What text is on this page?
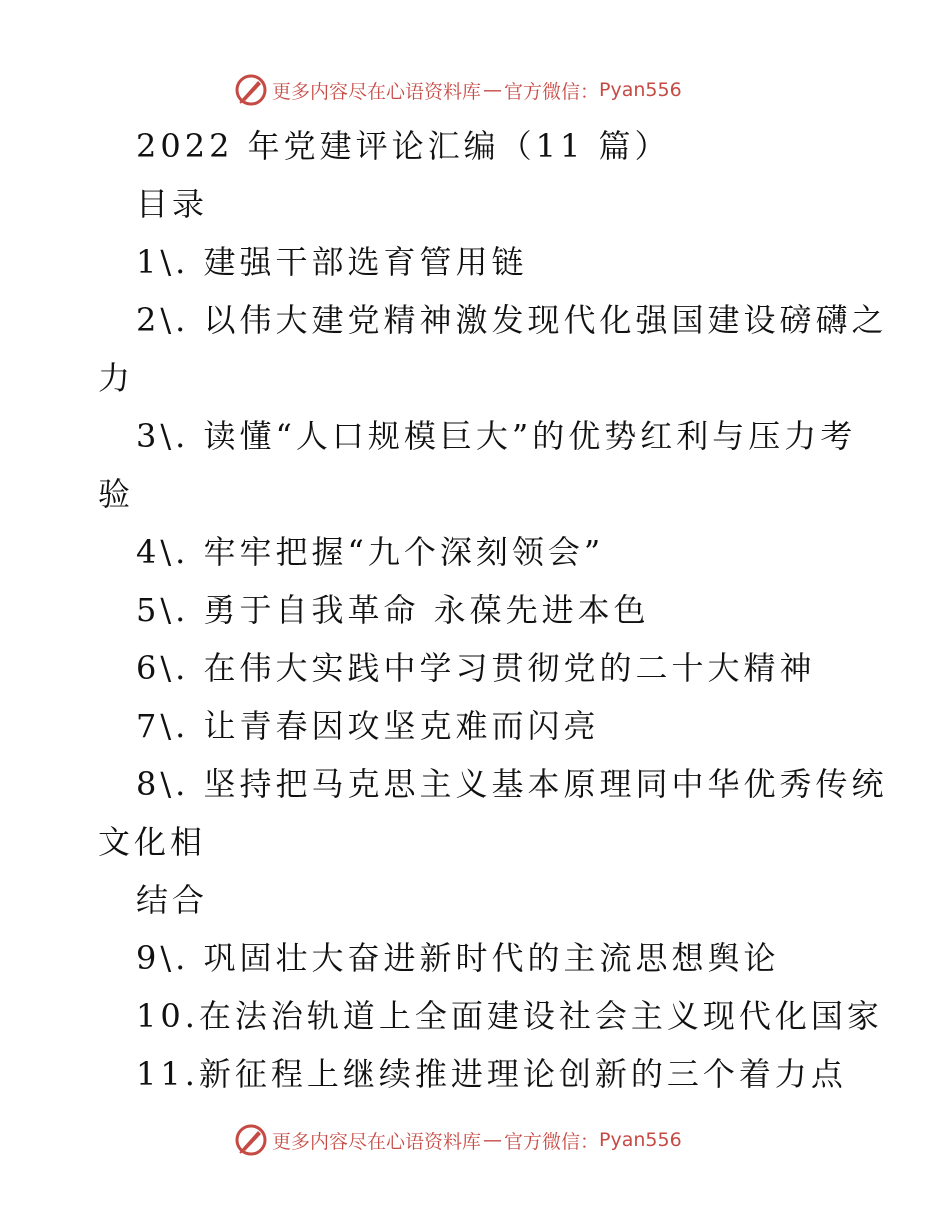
更多内容尽在心语资料库 — 官方微信： Pyan556
2022 年党建评论汇编（11 篇）
目录
1\. 建强干部选育管用链
2\. 以伟大建党精神激发现代化强国建设磅礴之
力
3\. 读懂“人口规模巨大”的优势红利与压力考
验
4\. 牢牢把握“九个深刻领会”
5\. 勇于自我革命 永葆先进本色
6\. 在伟大实践中学习贯彻党的二十大精神
7\. 让青春因攻坚克难而闪亮
8\. 坚持把马克思主义基本原理同中华优秀传统
文化相
结合
9\. 巩固壮大奋进新时代的主流思想舆论
10.在法治轨道上全面建设社会主义现代化国家
11.新征程上继续推进理论创新的三个着力点
更多内容尽在心语资料库 — 官方微信： Pyan556
